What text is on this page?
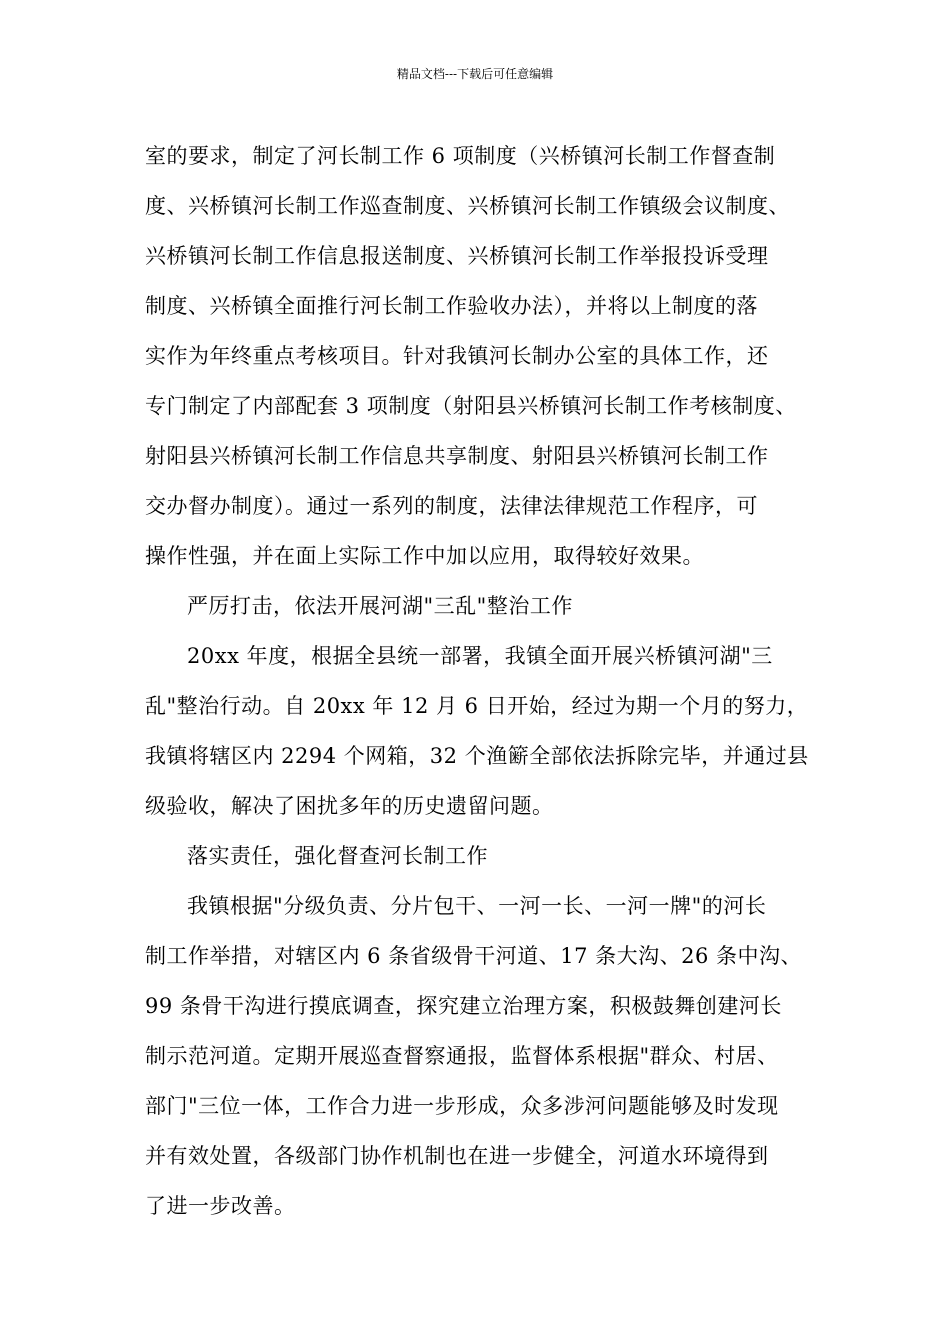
精品文档---下载后可任意编辑
室的要求，制定了河长制工作 6 项制度（兴桥镇河长制工作督查制
度、兴桥镇河长制工作巡查制度、兴桥镇河长制工作镇级会议制度、
兴桥镇河长制工作信息报送制度、兴桥镇河长制工作举报投诉受理
制度、兴桥镇全面推行河长制工作验收办法），并将以上制度的落
实作为年终重点考核项目。针对我镇河长制办公室的具体工作，还
专门制定了内部配套 3 项制度（射阳县兴桥镇河长制工作考核制度、
射阳县兴桥镇河长制工作信息共享制度、射阳县兴桥镇河长制工作
交办督办制度）。通过一系列的制度，法律法律规范工作程序，可
操作性强，并在面上实际工作中加以应用，取得较好效果。
严厉打击，依法开展河湖"三乱"整治工作
20xx 年度，根据全县统一部署，我镇全面开展兴桥镇河湖"三
乱"整治行动。自 20xx 年 12 月 6 日开始，经过为期一个月的努力，
我镇将辖区内 2294 个网箱，32 个渔簖全部依法拆除完毕，并通过县
级验收，解决了困扰多年的历史遗留问题。
落实责任，强化督查河长制工作
我镇根据"分级负责、分片包干、一河一长、一河一牌"的河长
制工作举措，对辖区内 6 条省级骨干河道、17 条大沟、26 条中沟、
99 条骨干沟进行摸底调查，探究建立治理方案，积极鼓舞创建河长
制示范河道。定期开展巡查督察通报，监督体系根据"群众、村居、
部门"三位一体，工作合力进一步形成，众多涉河问题能够及时发现
并有效处置，各级部门协作机制也在进一步健全，河道水环境得到
了进一步改善。
